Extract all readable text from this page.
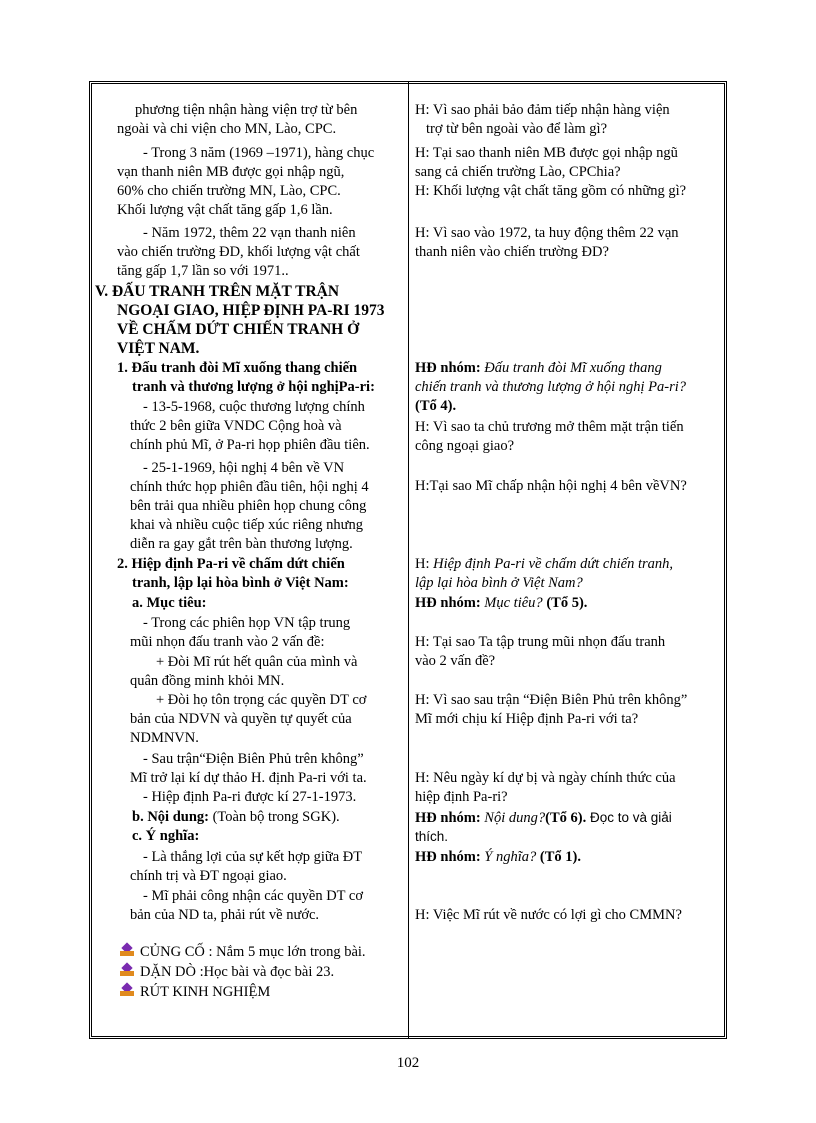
phương tiện nhận hàng viện trợ từ bên
ngoài và chi viện cho MN, Lào, CPC.
- Trong 3 năm (1969 –1971), hàng chục
vạn thanh niên MB được gọi nhập ngũ,
60% cho chiến trường MN, Lào, CPC.
Khối lượng vật chất tăng gấp 1,6 lần.
- Năm 1972, thêm 22 vạn thanh niên
vào chiến trường ĐD, khối lượng vật chất
tăng gấp 1,7 lần so với 1971..
V. ĐẤU TRANH TRÊN MẶT TRẬN
NGOẠI GIAO, HIỆP ĐỊNH PA-RI 1973
VỀ CHẤM DỨT CHIẾN TRANH Ở
VIỆT NAM.
1. Đấu tranh đòi Mĩ xuống thang chiến
tranh và thương lượng ở hội nghịPa-ri:
- 13-5-1968, cuộc thương lượng chính
thức 2 bên giữa VNDC Cộng hoà và
chính phủ Mĩ, ở Pa-ri họp phiên đầu tiên.
- 25-1-1969, hội nghị 4 bên về VN
chính thức họp phiên đầu tiên, hội nghị 4
bên trải qua nhiều phiên họp chung công
khai và nhiều cuộc tiếp xúc riêng nhưng
diễn ra gay gắt trên bàn thương lượng.
2. Hiệp định Pa-ri về chấm dứt chiến
tranh, lập lại hòa bình ở Việt Nam:
a. Mục tiêu:
- Trong các phiên họp VN tập trung
mũi nhọn đấu tranh vào 2 vấn đề:
+ Đòi Mĩ rút hết quân của mình và
quân đồng minh khỏi MN.
+ Đòi họ tôn trọng các quyền DT cơ
bản của NDVN và quyền tự quyết của
NDMNVN.
- Sau trận“Điện Biên Phủ trên không”
Mĩ trở lại kí dự thảo H. định Pa-ri với ta.
- Hiệp định Pa-ri được kí 27-1-1973.
b. Nội dung: (Toàn bộ trong SGK).
c. Ý nghĩa:
- Là thắng lợi của sự kết hợp giữa ĐT
chính trị và ĐT ngoại giao.
- Mĩ phải công nhận các quyền DT cơ
bản của ND ta, phải rút về nước.
CỦNG CỐ : Nắm 5 mục lớn trong bài.
DẶN DÒ :Học bài và đọc bài 23.
RÚT KINH NGHIỆM
H: Vì sao phải bảo đảm tiếp nhận hàng viện
trợ từ bên ngoài vào để làm gì?
H: Tại sao thanh niên MB được gọi nhập ngũ
sang cả chiến trường Lào, CPChia?
H: Khối lượng vật chất tăng gồm có những gì?
H: Vì sao vào 1972, ta huy động thêm 22 vạn
thanh niên vào chiến trường ĐD?
HĐ nhóm: Đấu tranh đòi Mĩ xuống thang
chiến tranh và thương lượng ở hội nghị Pa-ri?
(Tổ 4).
H: Vì sao ta chủ trương mở thêm mặt trận tiến
công ngoại giao?
H:Tại sao Mĩ chấp nhận hội nghị 4 bên vềVN?
H: Hiệp định Pa-ri về chấm dứt chiến tranh,
lập lại hòa bình ở Việt Nam?
HĐ nhóm: Mục tiêu? (Tổ 5).
H: Tại sao Ta tập trung mũi nhọn đấu tranh
vào 2 vấn đề?
H: Vì sao sau trận “Điện Biên Phủ trên không”
Mĩ mới chịu kí Hiệp định Pa-ri với ta?
H: Nêu ngày kí dự bị và ngày chính thức của
hiệp định Pa-ri?
HĐ nhóm: Nội dung?(Tổ 6). Đọc to và giải
thích.
HĐ nhóm: Ý nghĩa? (Tổ 1).
H: Việc Mĩ rút về nước có lợi gì cho CMMN?
102
